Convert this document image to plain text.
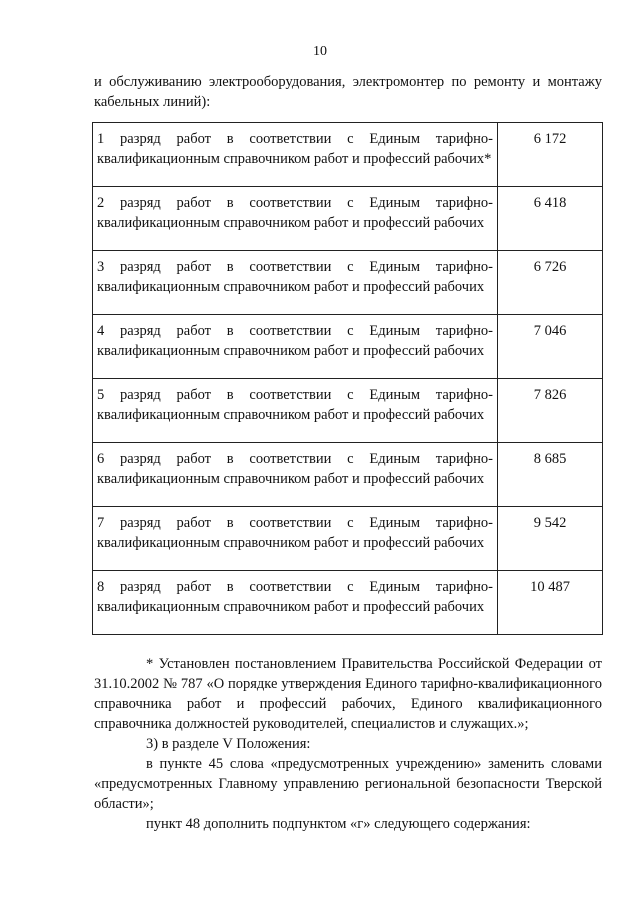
10
и обслуживанию электрооборудования, электромонтер по ремонту и монтажу кабельных линий):
1 разряд работ в соответствии с Единым тарифно-квалификационным справочником работ и профессий рабочих*	6 172
2 разряд работ в соответствии с Единым тарифно-квалификационным справочником работ и профессий рабочих	6 418
3 разряд работ в соответствии с Единым тарифно-квалификационным справочником работ и профессий рабочих	6 726
4 разряд работ в соответствии с Единым тарифно-квалификационным справочником работ и профессий рабочих	7 046
5 разряд работ в соответствии с Единым тарифно-квалификационным справочником работ и профессий рабочих	7 826
6 разряд работ в соответствии с Единым тарифно-квалификационным справочником работ и профессий рабочих	8 685
7 разряд работ в соответствии с Единым тарифно-квалификационным справочником работ и профессий рабочих	9 542
8 разряд работ в соответствии с Единым тарифно-квалификационным справочником работ и профессий рабочих	10 487

* Установлен постановлением Правительства Российской Федерации от 31.10.2002 № 787 «О порядке утверждения Единого тарифно-квалификационного справочника работ и профессий рабочих, Единого квалификационного справочника должностей руководителей, специалистов и служащих.»;

3) в разделе V Положения:

в пункте 45 слова «предусмотренных учреждению» заменить словами «предусмотренных Главному управлению региональной безопасности Тверской области»;

пункт 48 дополнить подпунктом «г» следующего содержания:
